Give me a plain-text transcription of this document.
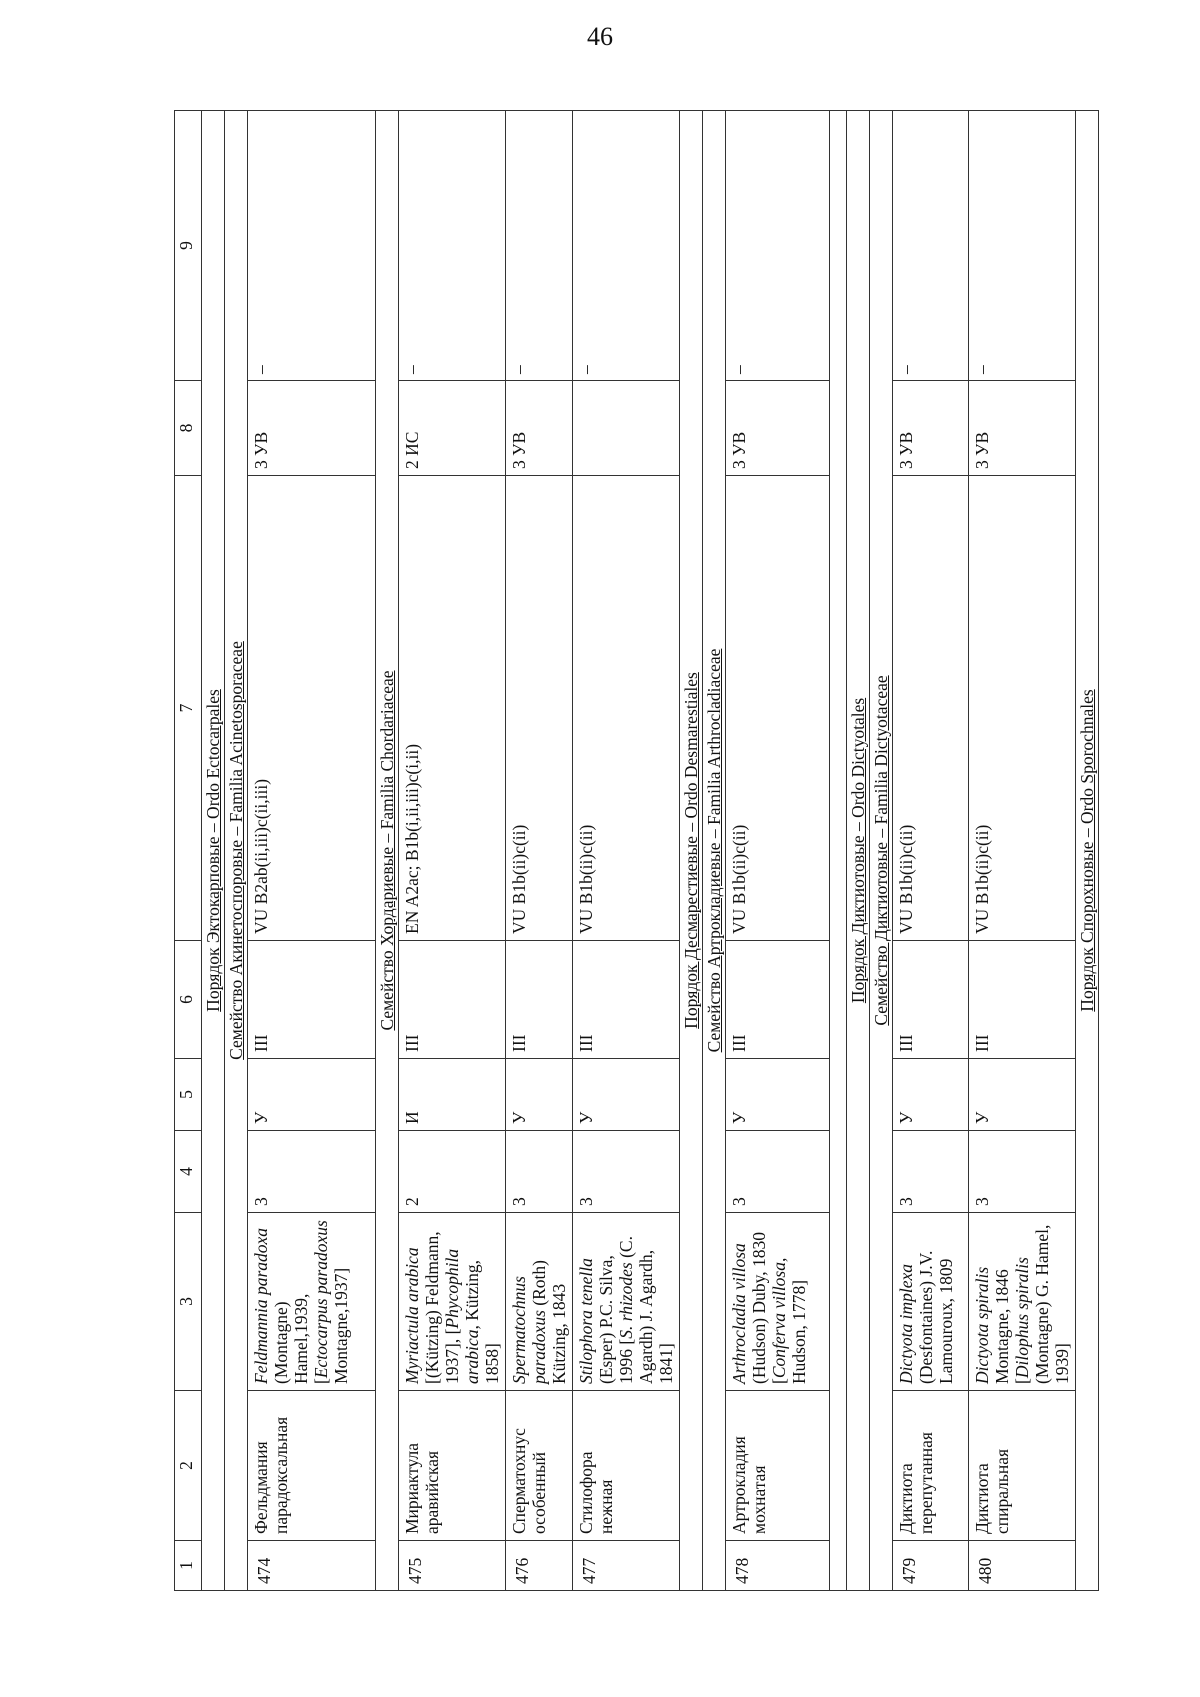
46
1	2	3	4	5	6	7	8	9
Порядок Эктокарповые – Ordo Ectocarpales								
Семейство Акинетоспоровые – Familia Acinetosporaceae								
474	Фельдмания парадоксальная	Feldmannia paradoxa (Montagne) Hamel,1939, [Ectocarpus paradoxus Montagne,1937]	3	У	III	VU B2ab(ii,iii)c(ii,iii)	3 УВ	–
Семейство Хордариевые – Familia Chordariaceae								
475	Мириактула аравийская	Myriactula arabica [(Kützing) Feldmann, 1937], [Phycophila arabica, Kützing, 1858]	2	И	III	EN A2ac; B1b(i,ii,iii)c(i,ii)	2 ИС	–
476	Сперматохнус особенный	Spermatochnus paradoxus (Roth) Kützing, 1843	3	У	III	VU B1b(ii)c(ii)	3 УВ	–
477	Стилофора нежная	Stilophora tenella (Esper) P.C. Silva, 1996 [S. rhizodes (C. Agardh) J. Agardh, 1841]	3	У	III	VU B1b(ii)c(ii)		–
Порядок Десмарестиевые – Ordo Desmarestiales								
Семейство Артрокладиевые – Familia Arthrocladiaceae								
478	Артрокладия мохнатая	Arthrocladia villosa (Hudson) Duby, 1830 [Conferva villosa, Hudson, 1778]	3	У	III	VU B1b(ii)c(ii)	3 УВ	–

Порядок Диктиотовые – Ordo Dictyotales								
Семейство Диктиотовые – Familia Dictyotaceae								
479	Диктиота перепутанная	Dictyota implexa (Desfontaines) J.V. Lamouroux, 1809	3	У	III	VU B1b(ii)c(ii)	3 УВ	–
480	Диктиота спиральная	Dictyota spiralis Montagne, 1846 [Dilophus spiralis (Montagne) G. Hamel, 1939]	3	У	III	VU B1b(ii)c(ii)	3 УВ	–
Порядок Спорохновые – Ordo Sporochnales								
